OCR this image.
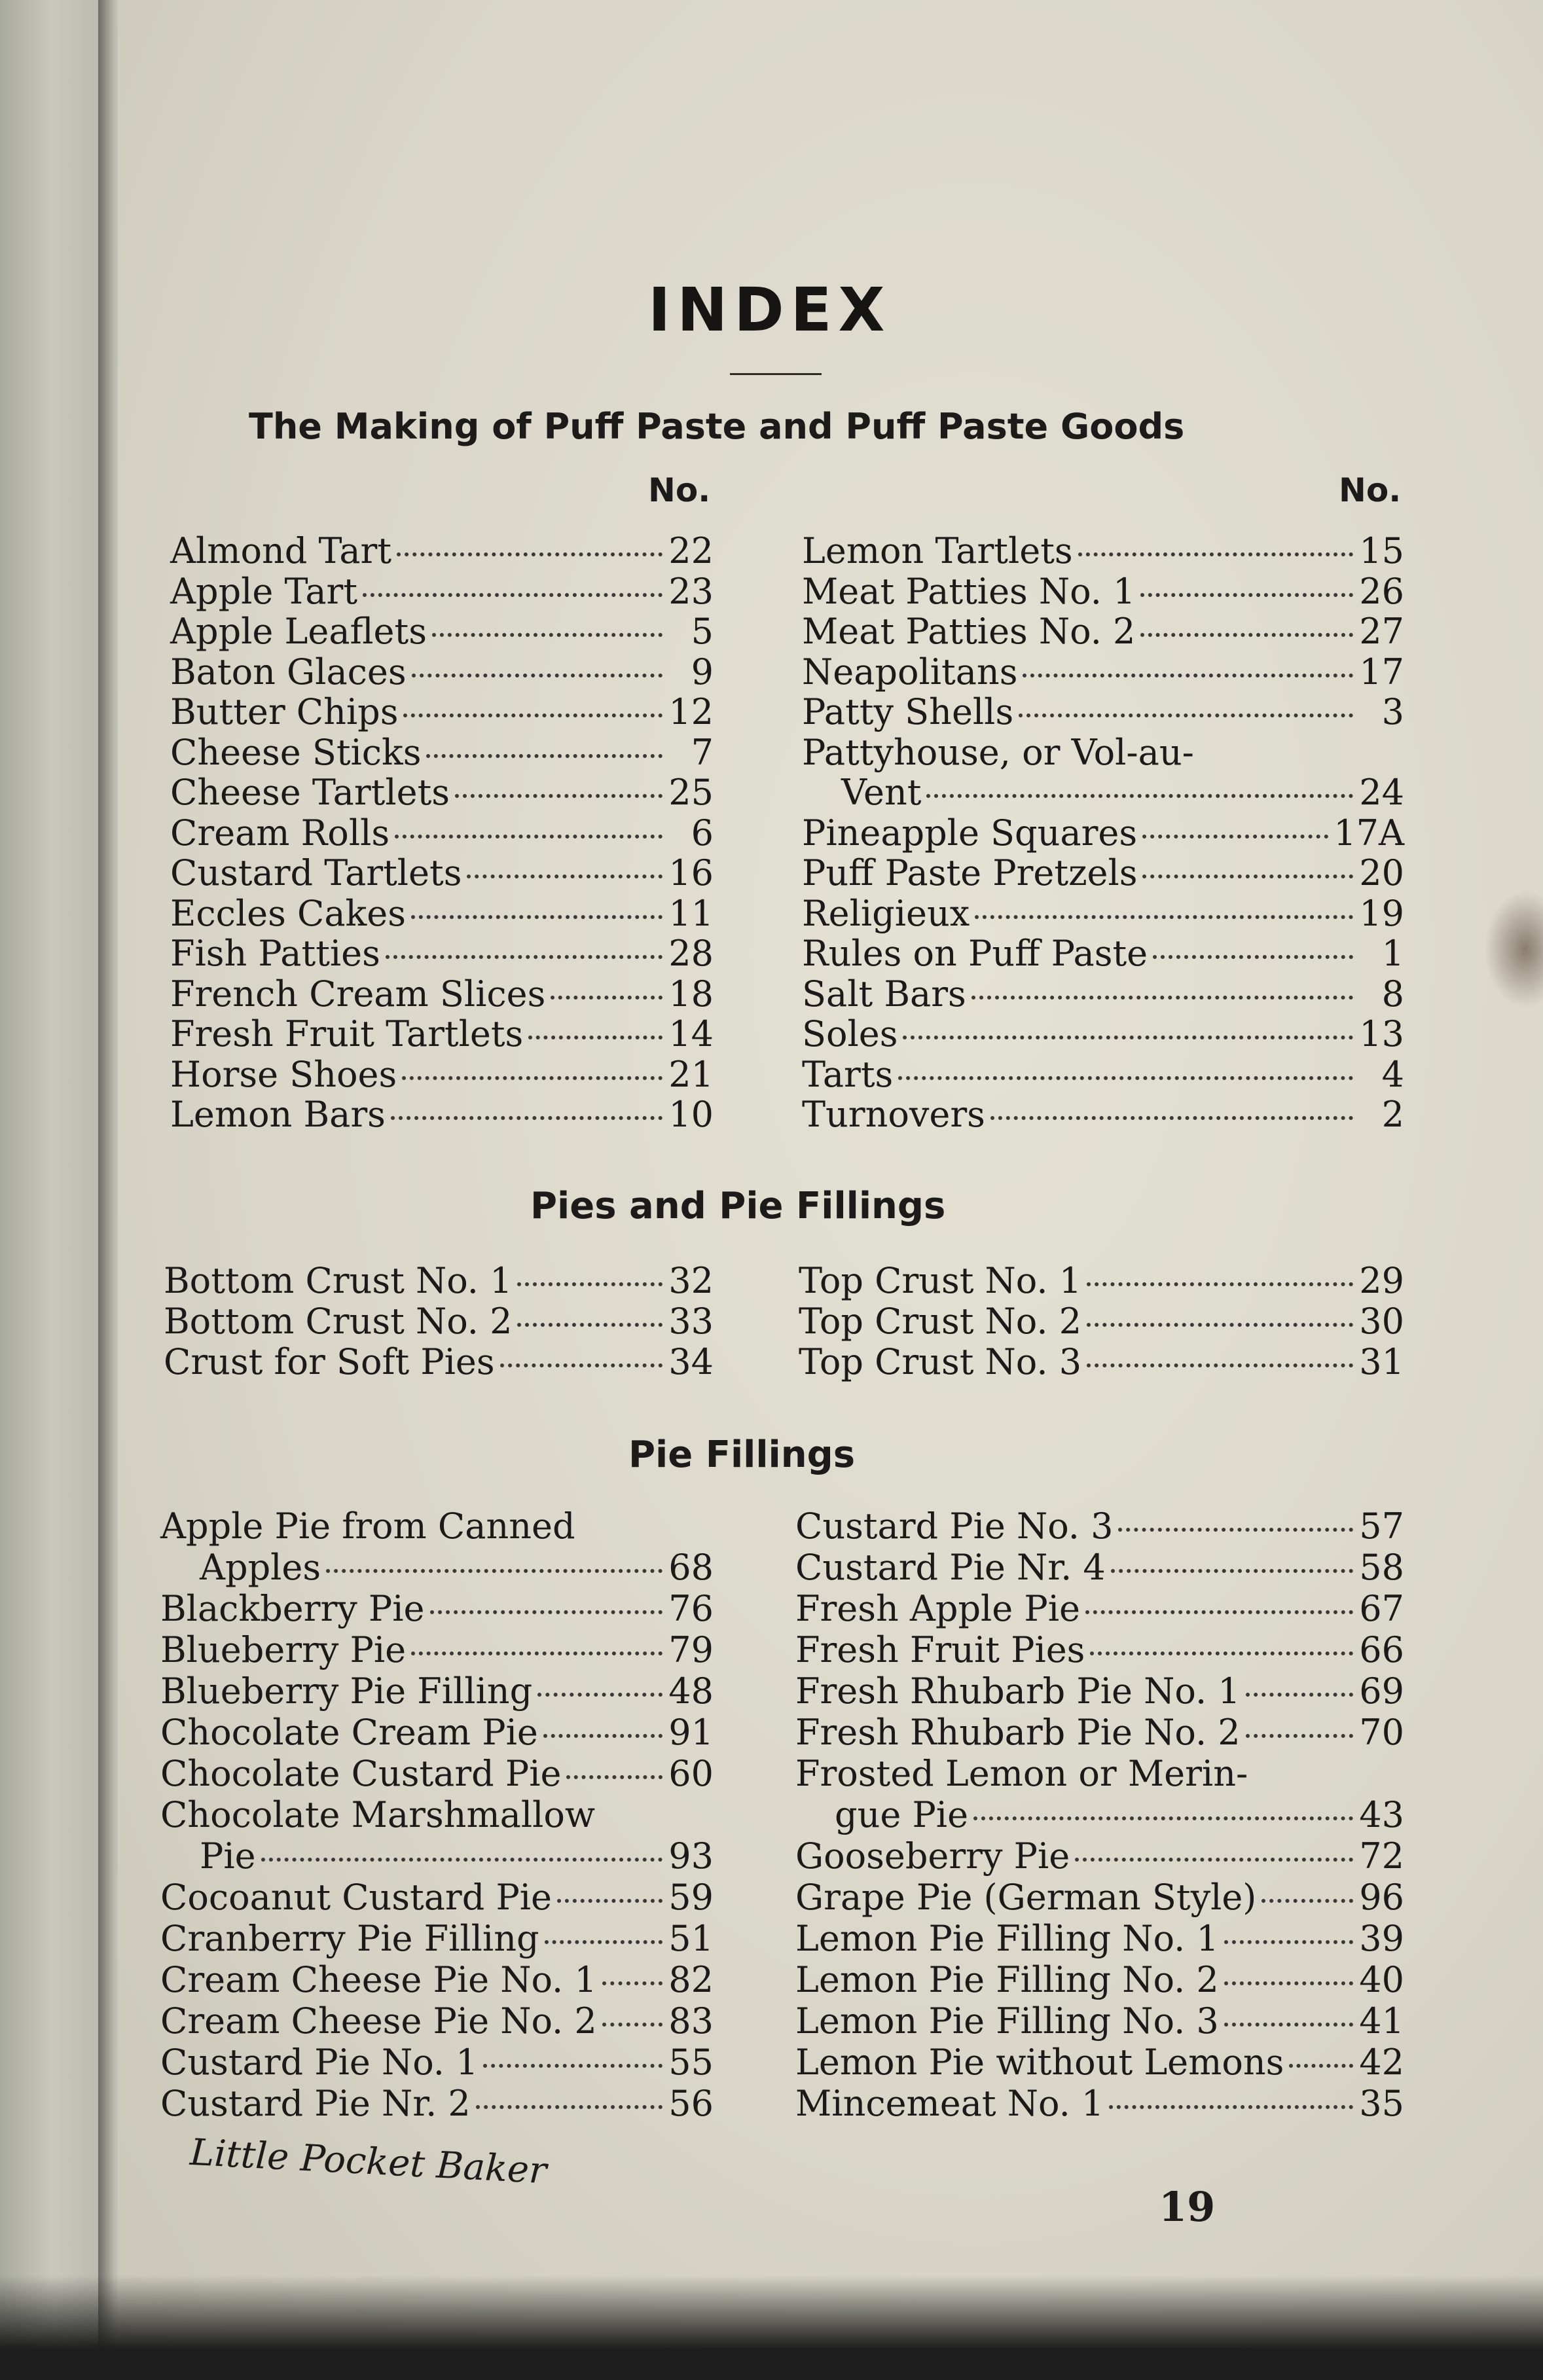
INDEX
Little Pocket Baker
19
The Making of Puff Paste and Puff Paste Goods
No.	No.
Almond Tart	22
Apple Tart	23
Apple Leaflets	5
Baton Glaces	9
Butter Chips	12
Cheese Sticks	7
Cheese Tartlets	25
Cream Rolls	6
Custard Tartlets	16
Eccles Cakes	11
Fish Patties	28
French Cream Slices	18
Fresh Fruit Tartlets	14
Horse Shoes	21
Lemon Bars	10
Lemon Tartlets	15
Meat Patties No. 1	26
Meat Patties No. 2	27
Neapolitans	17
Patty Shells	3
Pattyhouse, or Vol-au-
Vent	24
Pineapple Squares	17A
Puff Paste Pretzels	20
Religieux	19
Rules on Puff Paste	1
Salt Bars	8
Soles	13
Tarts	4
Turnovers	2
Pies and Pie Fillings
Bottom Crust No. 1	32
Bottom Crust No. 2	33
Crust for Soft Pies	34
Top Crust No. 1	29
Top Crust No. 2	30
Top Crust No. 3	31
Pie Fillings
Apple Pie from Canned
Apples	68
Blackberry Pie	76
Blueberry Pie	79
Blueberry Pie Filling	48
Chocolate Cream Pie	91
Chocolate Custard Pie	60
Chocolate Marshmallow
Pie	93
Cocoanut Custard Pie	59
Cranberry Pie Filling	51
Cream Cheese Pie No. 1 82
Cream Cheese Pie No. 2 83
Custard Pie No. 1	55
Custard Pie Nr. 2	56
Custard Pie No. 3	57
Custard Pie Nr. 4	58
Fresh Apple Pie	67
Fresh Fruit Pies	66
Fresh Rhubarb Pie No. 1	69
Fresh Rhubarb Pie No. 2	70
Frosted Lemon or Merin-
gue Pie	43
Gooseberry Pie	72
Grape Pie (German Style)	96
Lemon Pie Filling No. 1	39
Lemon Pie Filling No. 2	40
Lemon Pie Filling No. 3	41
Lemon Pie without Lemons 42
Mincemeat No. 1	35
